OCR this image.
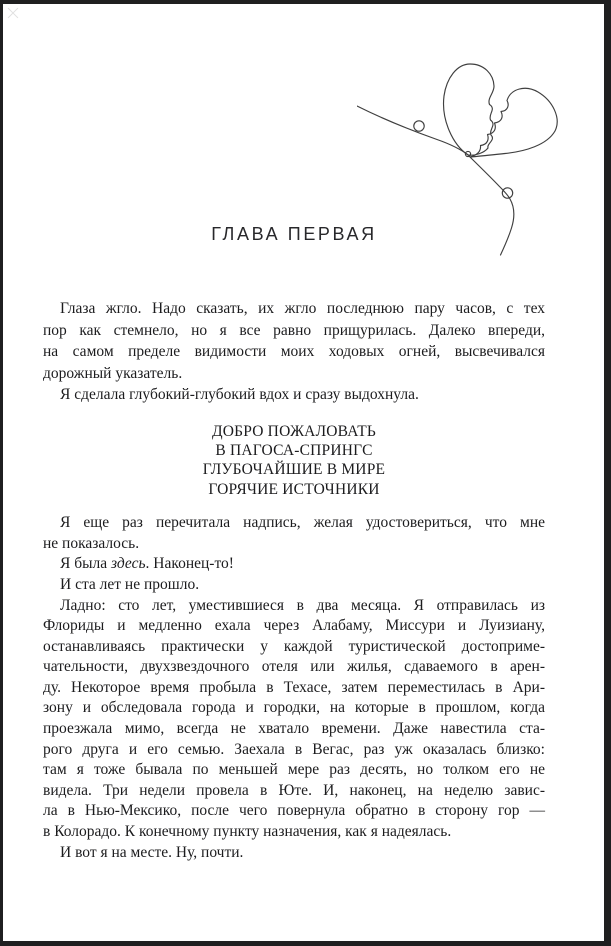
ГЛАВА ПЕРВАЯ
Глаза жгло. Надо сказать, их жгло последнюю пару часов, с тех
пор как стемнело, но я все равно прищурилась. Далеко впереди,
на самом пределе видимости моих ходовых огней, высвечивался
дорожный указатель.
Я сделала глубокий-глубокий вдох и сразу выдохнула.
ДОБРО ПОЖАЛОВАТЬ
В ПАГОСА-СПРИНГС
ГЛУБОЧАЙШИЕ В МИРЕ
ГОРЯЧИЕ ИСТОЧНИКИ
Я еще раз перечитала надпись, желая удостовериться, что мне
не показалось.
Я была здесь. Наконец-то!
И ста лет не прошло.
Ладно: сто лет, уместившиеся в два месяца. Я отправилась из
Флориды и медленно ехала через Алабаму, Миссури и Луизиану,
останавливаясь практически у каждой туристической достоприме-
чательности, двухзвездочного отеля или жилья, сдаваемого в арен-
ду. Некоторое время пробыла в Техасе, затем переместилась в Ари-
зону и обследовала города и городки, на которые в прошлом, когда
проезжала мимо, всегда не хватало времени. Даже навестила ста-
рого друга и его семью. Заехала в Вегас, раз уж оказалась близко:
там я тоже бывала по меньшей мере раз десять, но толком его не
видела. Три недели провела в Юте. И, наконец, на неделю завис-
ла в Нью-Мексико, после чего повернула обратно в сторону гор —
в Колорадо. К конечному пункту назначения, как я надеялась.
И вот я на месте. Ну, почти.
